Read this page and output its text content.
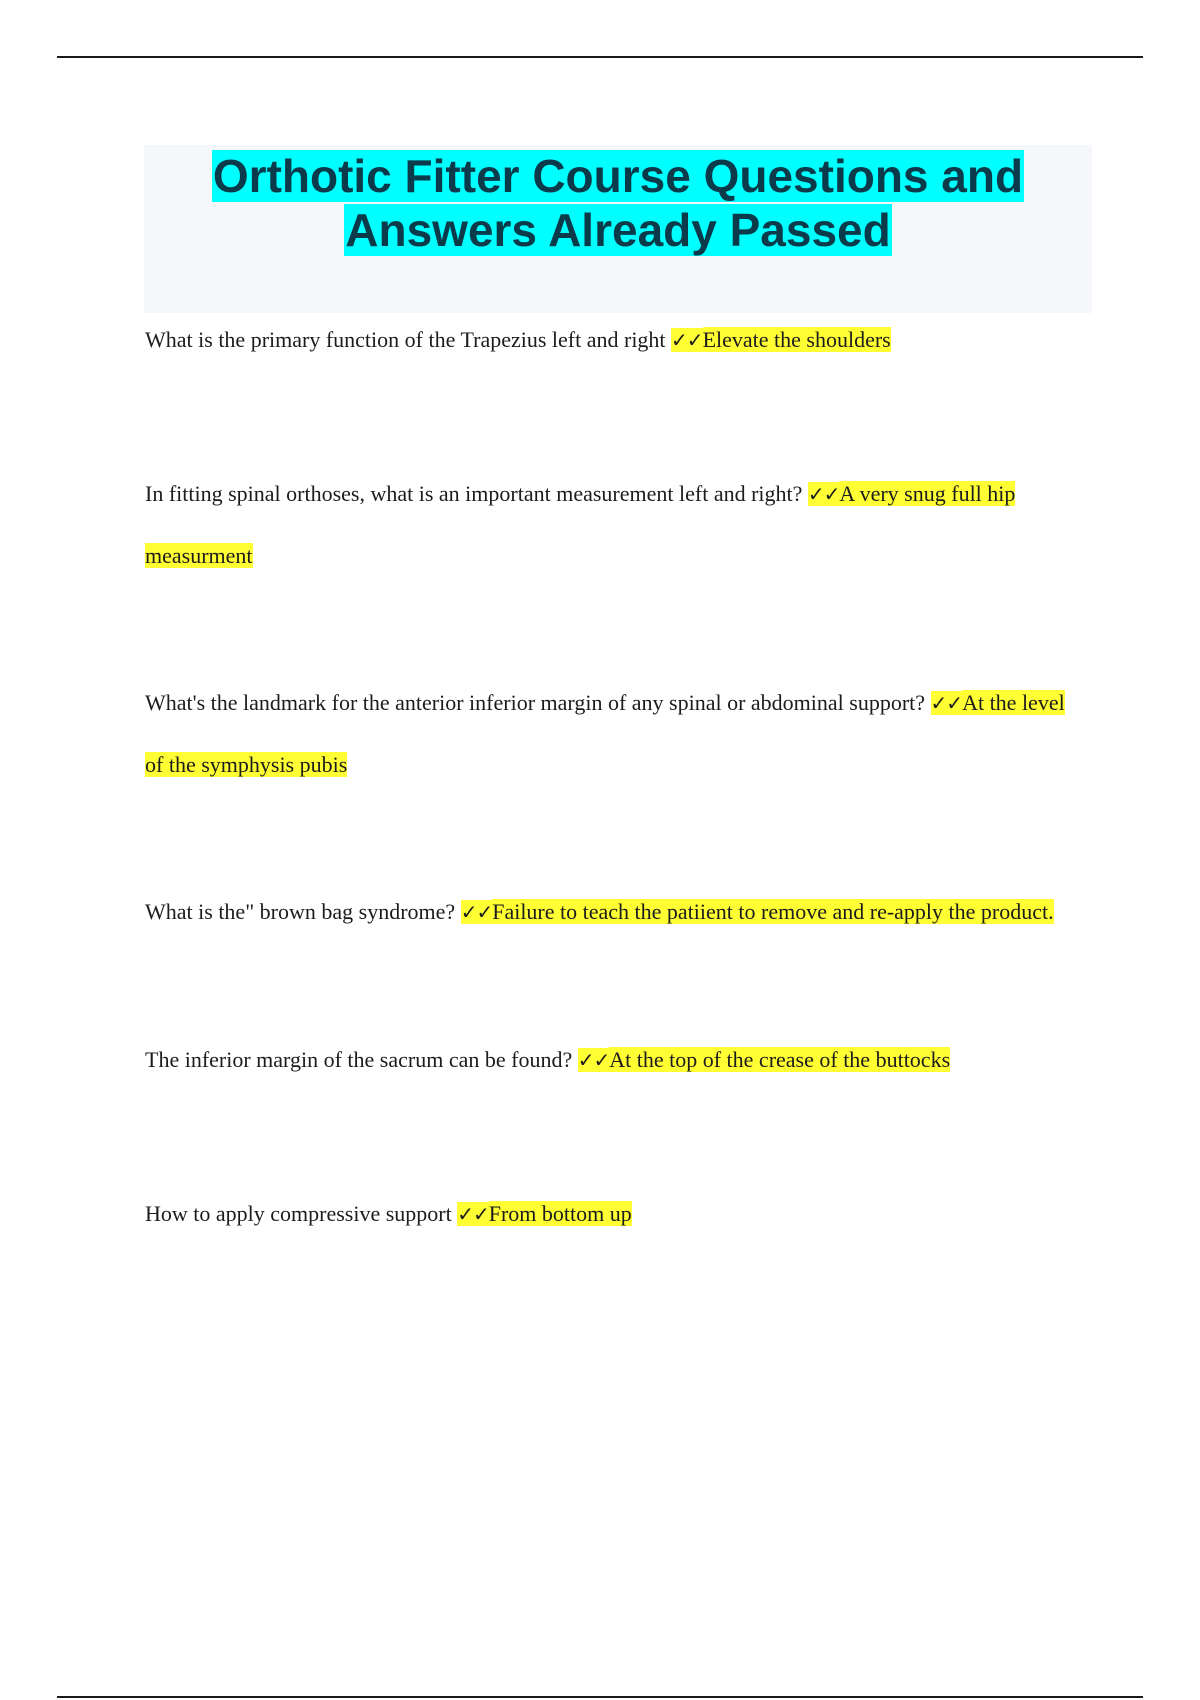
Orthotic Fitter Course Questions and
Answers Already Passed
What is the primary function of the Trapezius left and right ✓✓Elevate the shoulders
In fitting spinal orthoses, what is an important measurement left and right? ✓✓A very snug full hip measurment
What's the landmark for the anterior inferior margin of any spinal or abdominal support? ✓✓At the level of the symphysis pubis
What is the" brown bag syndrome? ✓✓Failure to teach the patiient to remove and re-apply the product.
The inferior margin of the sacrum can be found? ✓✓At the top of the crease of the buttocks
How to apply compressive support ✓✓From bottom up
